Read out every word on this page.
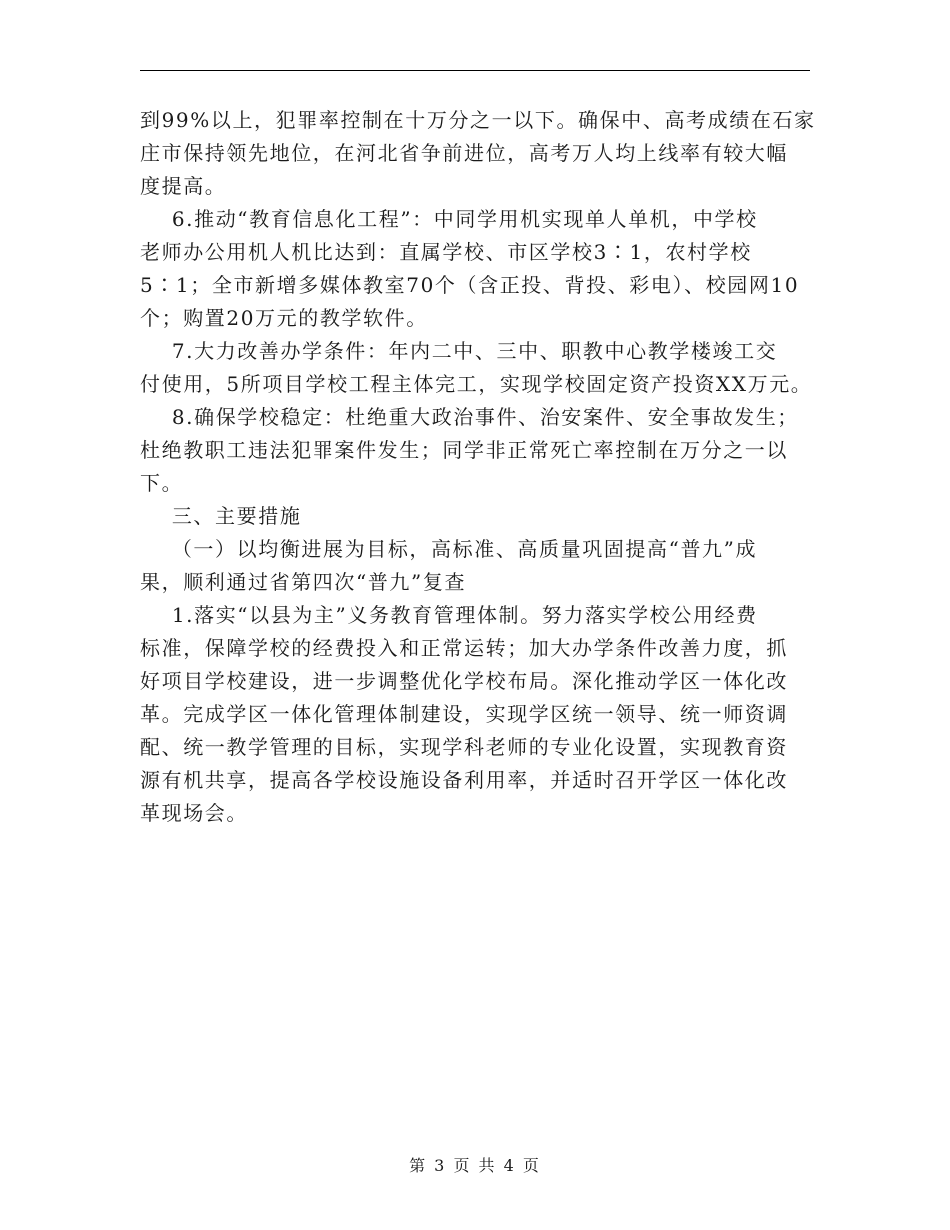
到99%以上，犯罪率控制在十万分之一以下。确保中、高考成绩在石家

庄市保持领先地位，在河北省争前进位，高考万人均上线率有较大幅

度提高。

6.推动“教育信息化工程”：中同学用机实现单人单机，中学校

老师办公用机人机比达到：直属学校、市区学校3∶1，农村学校

5∶1；全市新增多媒体教室70个（含正投、背投、彩电）、校园网10

个；购置20万元的教学软件。

7.大力改善办学条件：年内二中、三中、职教中心教学楼竣工交

付使用，5所项目学校工程主体完工，实现学校固定资产投资XX万元。

8.确保学校稳定：杜绝重大政治事件、治安案件、安全事故发生；

杜绝教职工违法犯罪案件发生；同学非正常死亡率控制在万分之一以

下。

三、主要措施

（一）以均衡进展为目标，高标准、高质量巩固提高“普九”成

果，顺利通过省第四次“普九”复查

1.落实“以县为主”义务教育管理体制。努力落实学校公用经费

标准，保障学校的经费投入和正常运转；加大办学条件改善力度，抓

好项目学校建设，进一步调整优化学校布局。深化推动学区一体化改

革。完成学区一体化管理体制建设，实现学区统一领导、统一师资调

配、统一教学管理的目标，实现学科老师的专业化设置，实现教育资

源有机共享，提高各学校设施设备利用率，并适时召开学区一体化改

革现场会。

第 3 页 共 4 页
